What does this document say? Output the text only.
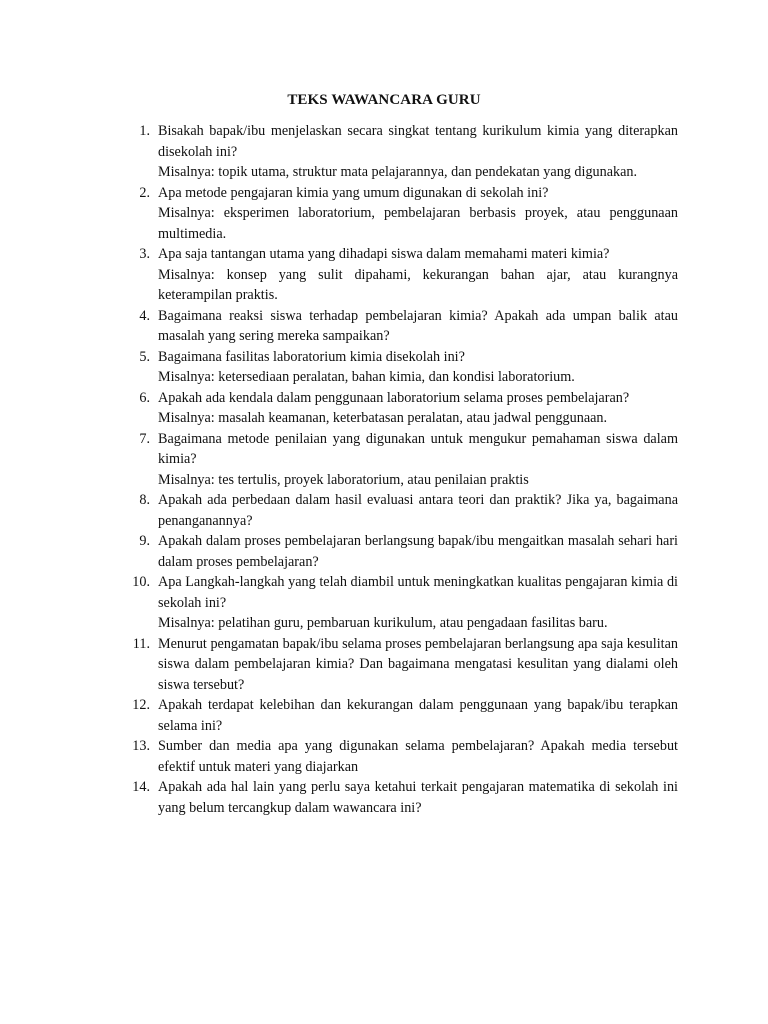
TEKS WAWANCARA GURU
1. Bisakah bapak/ibu menjelaskan secara singkat tentang kurikulum kimia yang diterapkan disekolah ini?
Misalnya: topik utama, struktur mata pelajarannya, dan pendekatan yang digunakan.
2. Apa metode pengajaran kimia yang umum digunakan di sekolah ini?
Misalnya: eksperimen laboratorium, pembelajaran berbasis proyek, atau penggunaan multimedia.
3. Apa saja tantangan utama yang dihadapi siswa dalam memahami materi kimia?
Misalnya: konsep yang sulit dipahami, kekurangan bahan ajar, atau kurangnya keterampilan praktis.
4. Bagaimana reaksi siswa terhadap pembelajaran kimia? Apakah ada umpan balik atau masalah yang sering mereka sampaikan?
5. Bagaimana fasilitas laboratorium kimia disekolah ini?
Misalnya: ketersediaan peralatan, bahan kimia, dan kondisi laboratorium.
6. Apakah ada kendala dalam penggunaan laboratorium selama proses pembelajaran?
Misalnya: masalah keamanan, keterbatasan peralatan, atau jadwal penggunaan.
7. Bagaimana metode penilaian yang digunakan untuk mengukur pemahaman siswa dalam kimia?
Misalnya: tes tertulis, proyek laboratorium, atau penilaian praktis
8. Apakah ada perbedaan dalam hasil evaluasi antara teori dan praktik? Jika ya, bagaimana penanganannya?
9. Apakah dalam proses pembelajaran berlangsung bapak/ibu mengaitkan masalah sehari hari dalam proses pembelajaran?
10. Apa Langkah-langkah yang telah diambil untuk meningkatkan kualitas pengajaran kimia di sekolah ini?
Misalnya: pelatihan guru, pembaruan kurikulum, atau pengadaan fasilitas baru.
11. Menurut pengamatan bapak/ibu selama proses pembelajaran berlangsung apa saja kesulitan siswa dalam pembelajaran kimia? Dan bagaimana mengatasi kesulitan yang dialami oleh siswa tersebut?
12. Apakah terdapat kelebihan dan kekurangan dalam penggunaan yang bapak/ibu terapkan selama ini?
13. Sumber dan media apa yang digunakan selama pembelajaran? Apakah media tersebut efektif untuk materi yang diajarkan
14. Apakah ada hal lain yang perlu saya ketahui terkait pengajaran matematika di sekolah ini yang belum tercangkup dalam wawancara ini?
